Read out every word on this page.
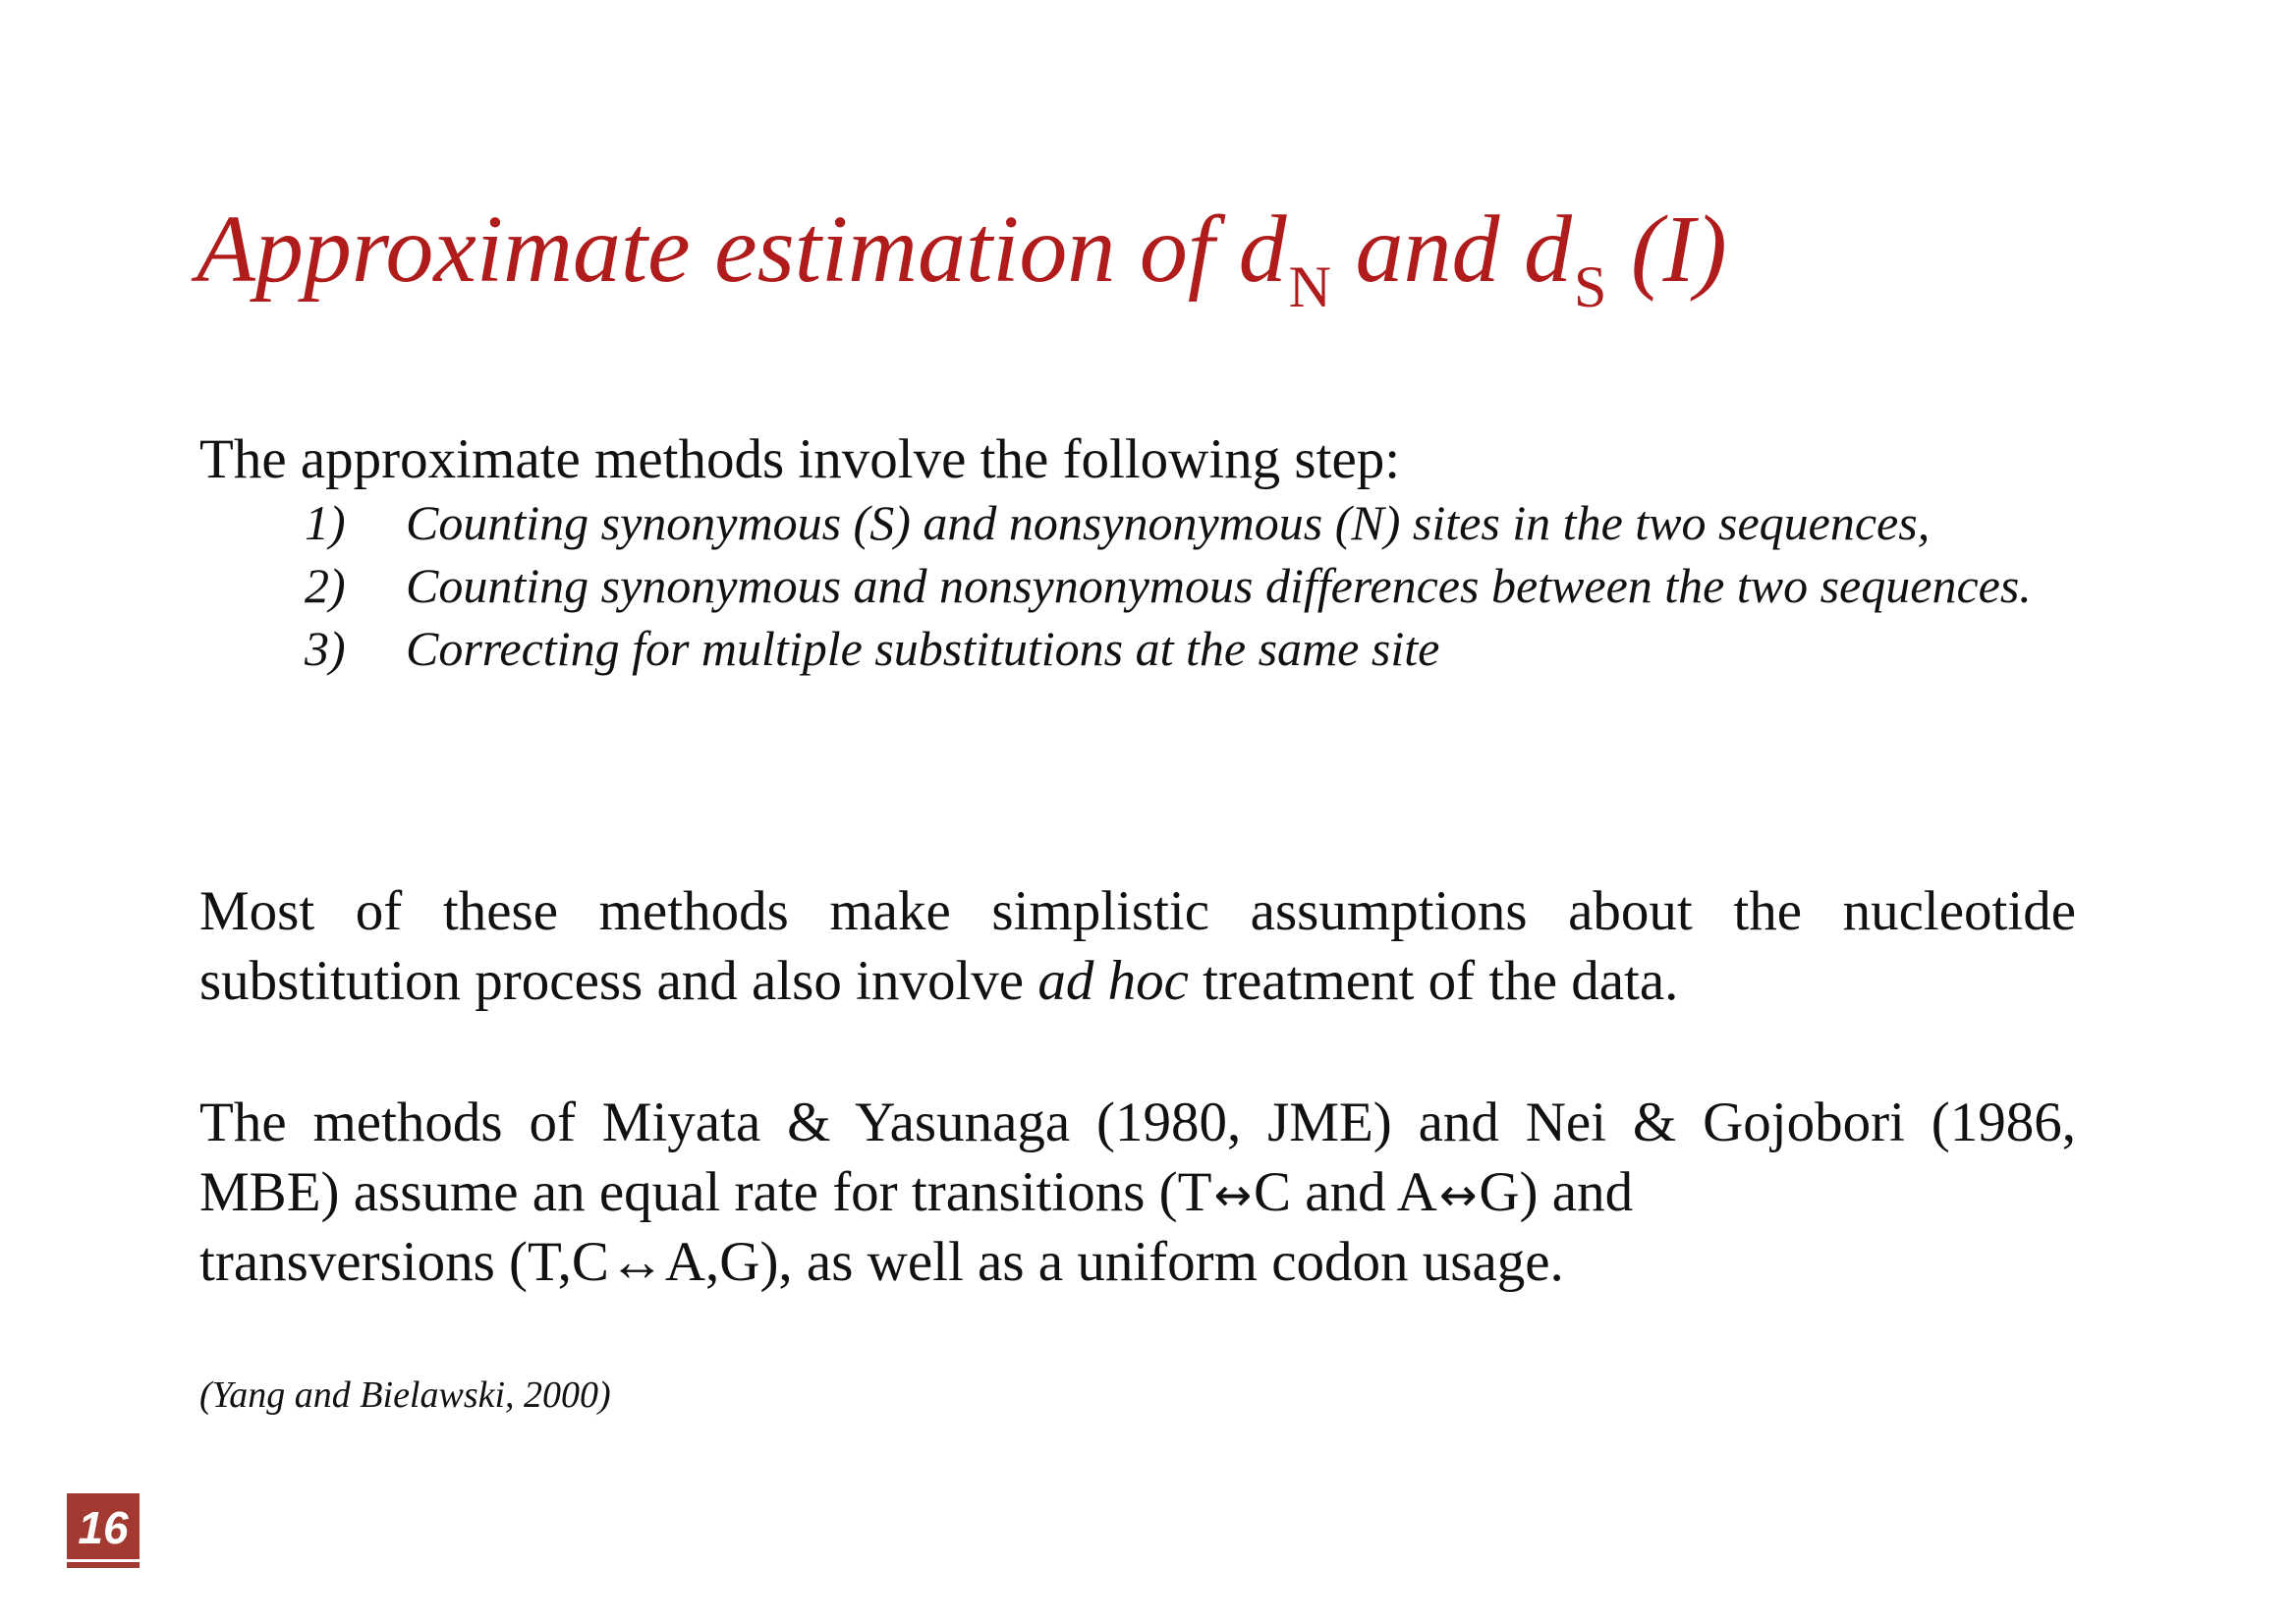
Approximate estimation of $d_N$ and $d_S$ (I)

The approximate methods involve the following step:

1) Counting synonymous (S) and nonsynonymous (N) sites in the two sequences,
2) Counting synonymous and nonsynonymous differences between the two sequences.
3) Correcting for multiple substitutions at the same site

Most of these methods make simplistic assumptions about the nucleotide substitution process and also involve ad hoc treatment of the data.

The methods of Miyata & Yasunaga (1980, JME) and Nei & Gojobori (1986, MBE) assume an equal rate for transitions (T↔C and A↔G) and

transversions (T,C↔A,G), as well as a uniform codon usage.

(Yang and Bielawski, 2000)

16
